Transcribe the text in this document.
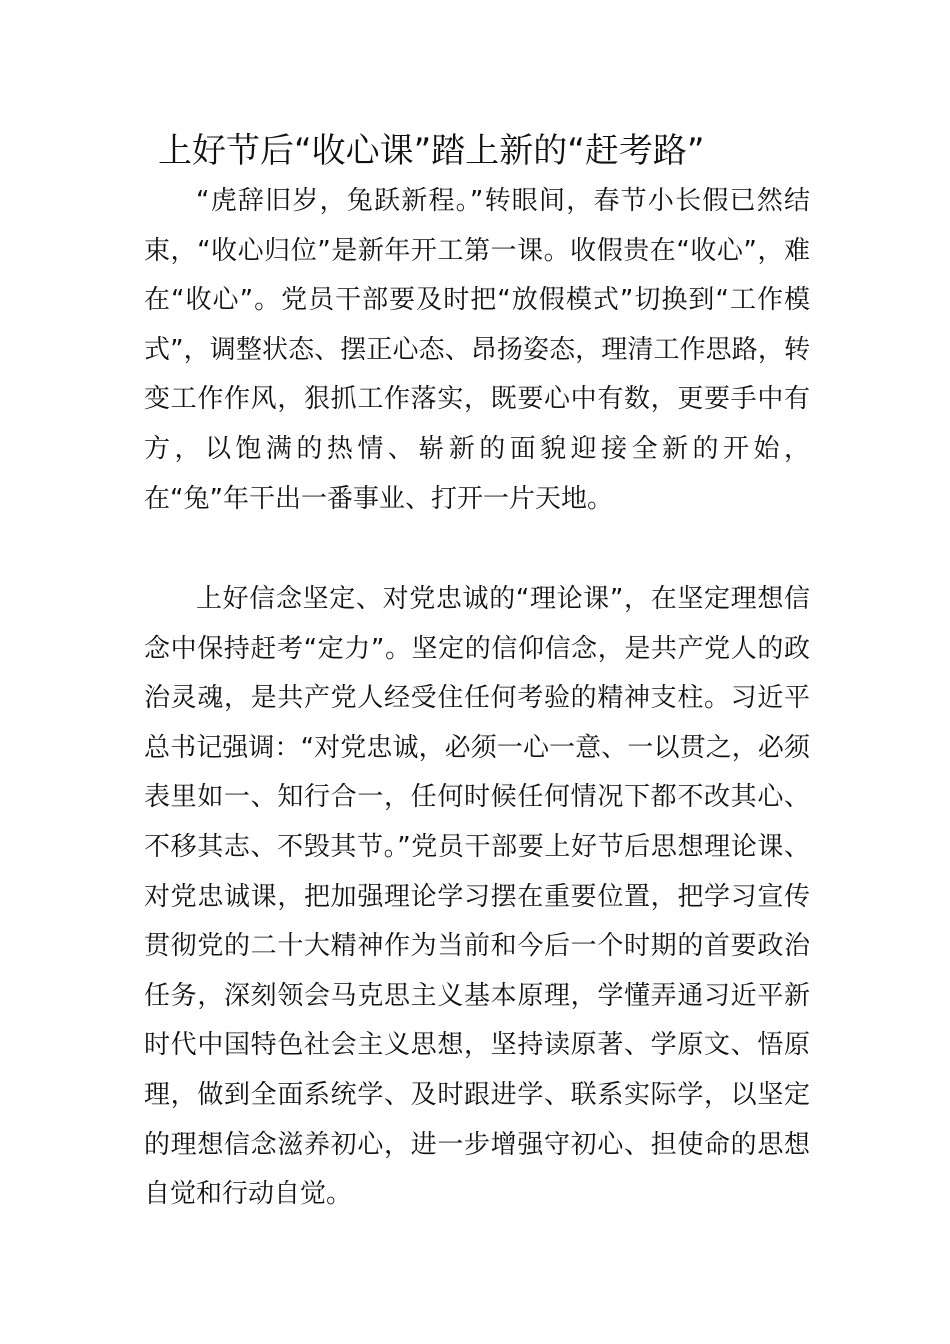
上好节后“收心课”踏上新的“赶考路”

“虎辞旧岁，兔跃新程。”转眼间，春节小长假已然结束，“收心归位”是新年开工第一课。收假贵在“收心”，难在“收心”。党员干部要及时把“放假模式”切换到“工作模式”，调整状态、摆正心态、昂扬姿态，理清工作思路，转变工作作风，狠抓工作落实，既要心中有数，更要手中有方，以饱满的热情、崭新的面貌迎接全新的开始，在“兔”年干出一番事业、打开一片天地。

上好信念坚定、对党忠诚的“理论课”，在坚定理想信念中保持赶考“定力”。坚定的信仰信念，是共产党人的政治灵魂，是共产党人经受住任何考验的精神支柱。习近平总书记强调：“对党忠诚，必须一心一意、一以贯之，必须表里如一、知行合一，任何时候任何情况下都不改其心、不移其志、不毁其节。”党员干部要上好节后思想理论课、对党忠诚课，把加强理论学习摆在重要位置，把学习宣传贯彻党的二十大精神作为当前和今后一个时期的首要政治任务，深刻领会马克思主义基本原理，学懂弄通习近平新时代中国特色社会主义思想，坚持读原著、学原文、悟原理，做到全面系统学、及时跟进学、联系实际学，以坚定的理想信念滋养初心，进一步增强守初心、担使命的思想自觉和行动自觉。
